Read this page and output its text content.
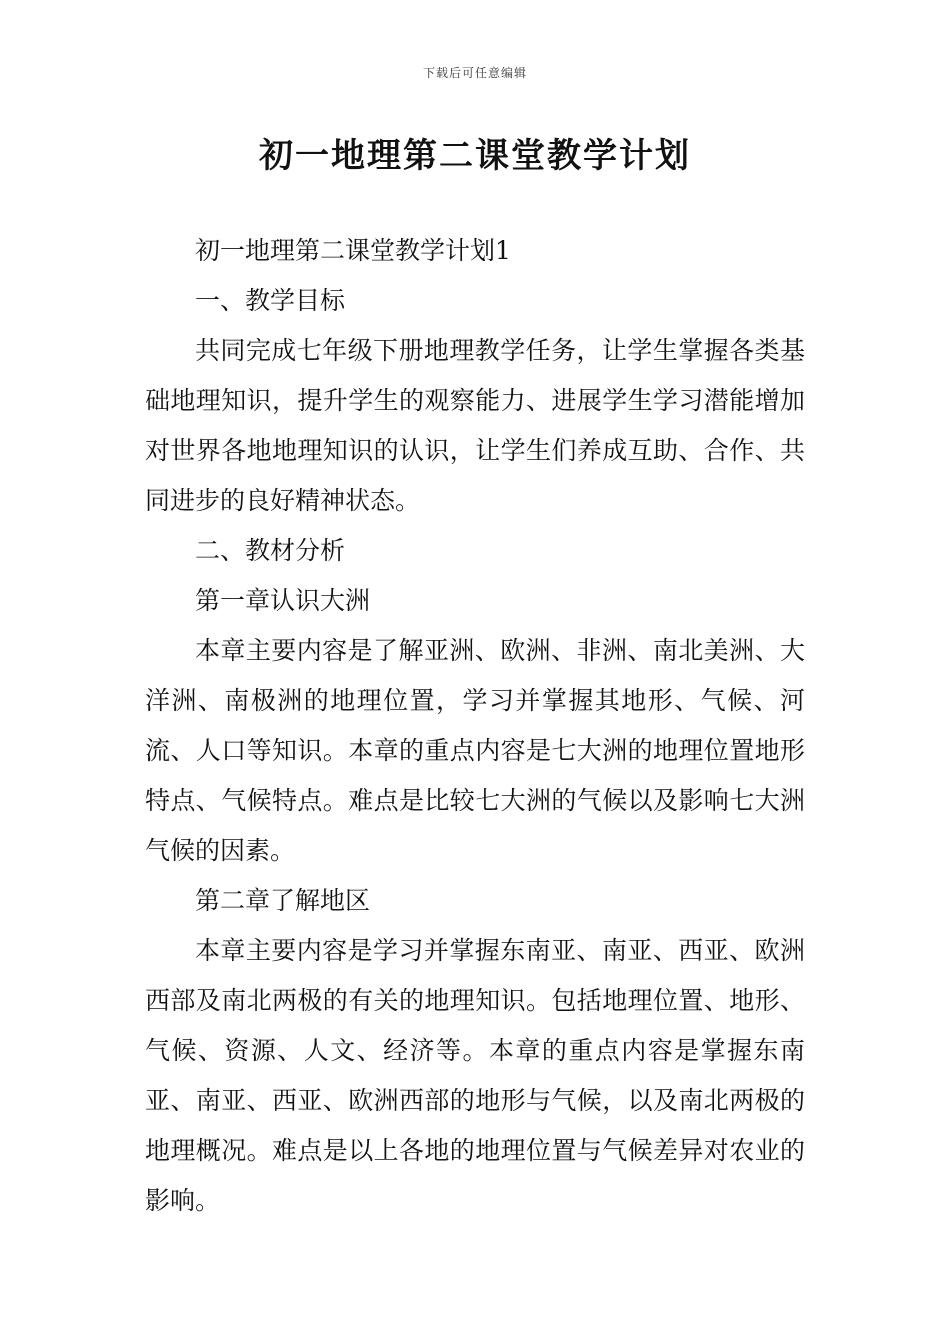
下载后可任意编辑
初一地理第二课堂教学计划

初一地理第二课堂教学计划1

一、教学目标

共同完成七年级下册地理教学任务，让学生掌握各类基础地理知识，提升学生的观察能力、进展学生学习潜能增加对世界各地地理知识的认识，让学生们养成互助、合作、共同进步的良好精神状态。

二、教材分析

第一章认识大洲

本章主要内容是了解亚洲、欧洲、非洲、南北美洲、大洋洲、南极洲的地理位置，学习并掌握其地形、气候、河流、人口等知识。本章的重点内容是七大洲的地理位置地形特点、气候特点。难点是比较七大洲的气候以及影响七大洲气候的因素。

第二章了解地区

本章主要内容是学习并掌握东南亚、南亚、西亚、欧洲西部及南北两极的有关的地理知识。包括地理位置、地形、气候、资源、人文、经济等。本章的重点内容是掌握东南亚、南亚、西亚、欧洲西部的地形与气候，以及南北两极的地理概况。难点是以上各地的地理位置与气候差异对农业的影响。
